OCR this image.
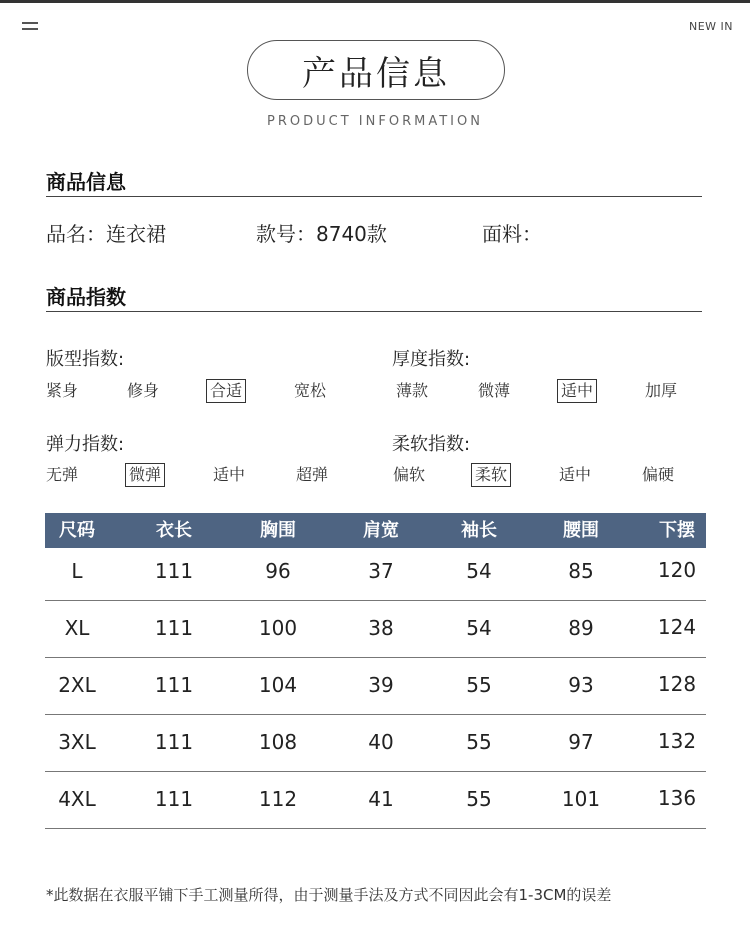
NEW IN
产品信息
PRODUCT INFORMATION
商品信息
品名：连衣裙	款号：8740款	面料：
商品指数
版型指数:
紧身	修身	合适	宽松
厚度指数:
薄款	微薄	适中	加厚
弹力指数:
无弹	微弹	适中	超弹
柔软指数:
偏软	柔软	适中	偏硬
尺码	衣长	胸围	肩宽	袖长	腰围	下摆
L	111	96	37	54	85	120
XL	111	100	38	54	89	124
2XL	111	104	39	55	93	128
3XL	111	108	40	55	97	132
4XL	111	112	41	55	101	136
*此数据在衣服平铺下手工测量所得，由于测量手法及方式不同因此会有1-3CM的误差
